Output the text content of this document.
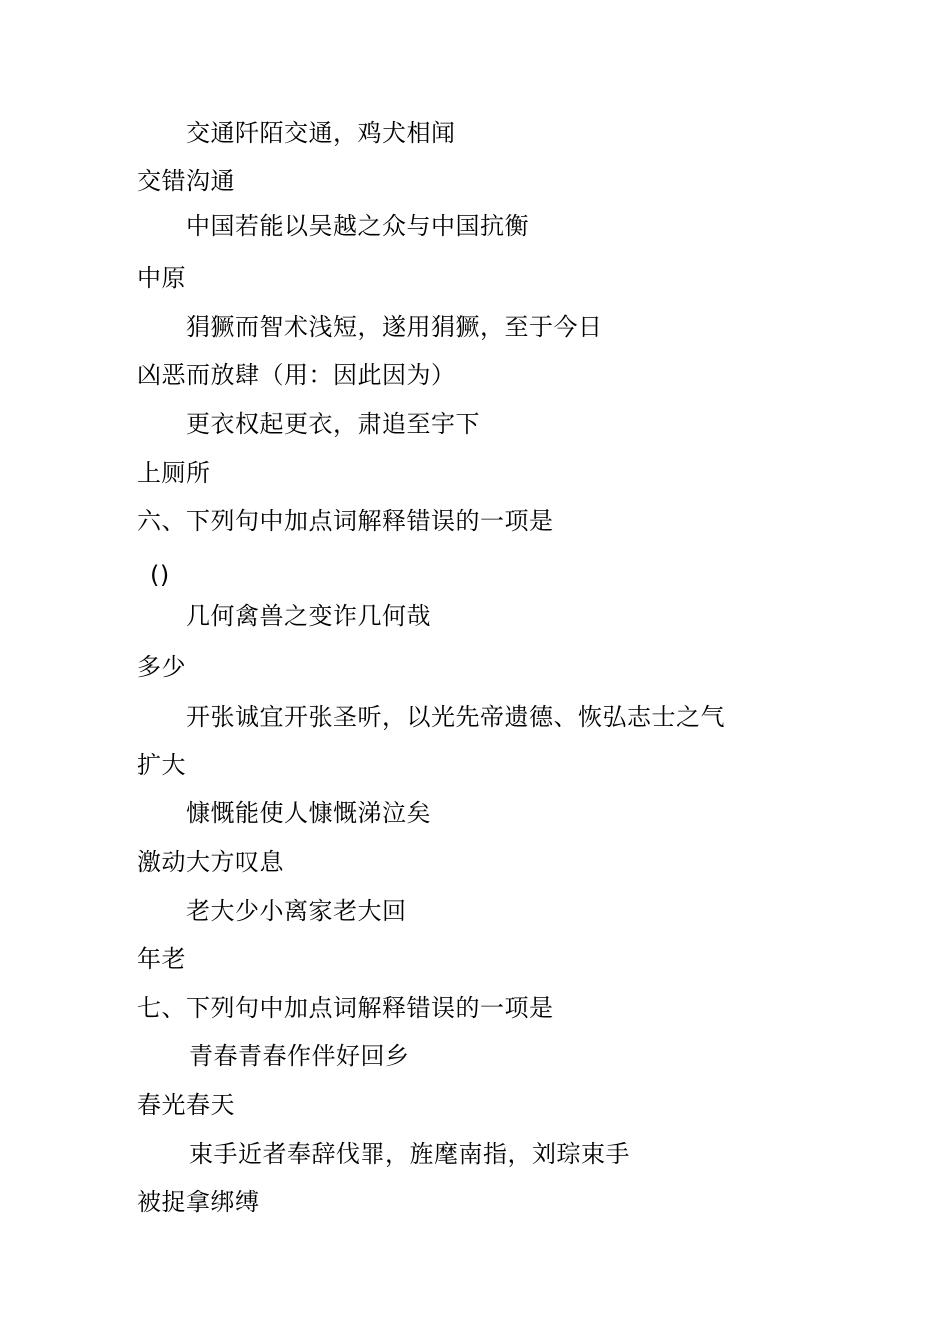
交通阡陌交通，鸡犬相闻
交错沟通
中国若能以吴越之众与中国抗衡
中原
狷獗而智术浅短，遂用狷獗，至于今日
凶恶而放肆（用：因此因为）
更衣权起更衣，肃追至宇下
上厕所
六、下列句中加点词解释错误的一项是
()
几何禽兽之变诈几何哉
多少
开张诚宜开张圣听，以光先帝遗德、恢弘志士之气
扩大
慷慨能使人慷慨涕泣矣
激动大方叹息
老大少小离家老大回
年老
七、下列句中加点词解释错误的一项是
青春青春作伴好回乡
春光春天
束手近者奉辞伐罪，旌麾南指，刘琮束手
被捉拿绑缚
